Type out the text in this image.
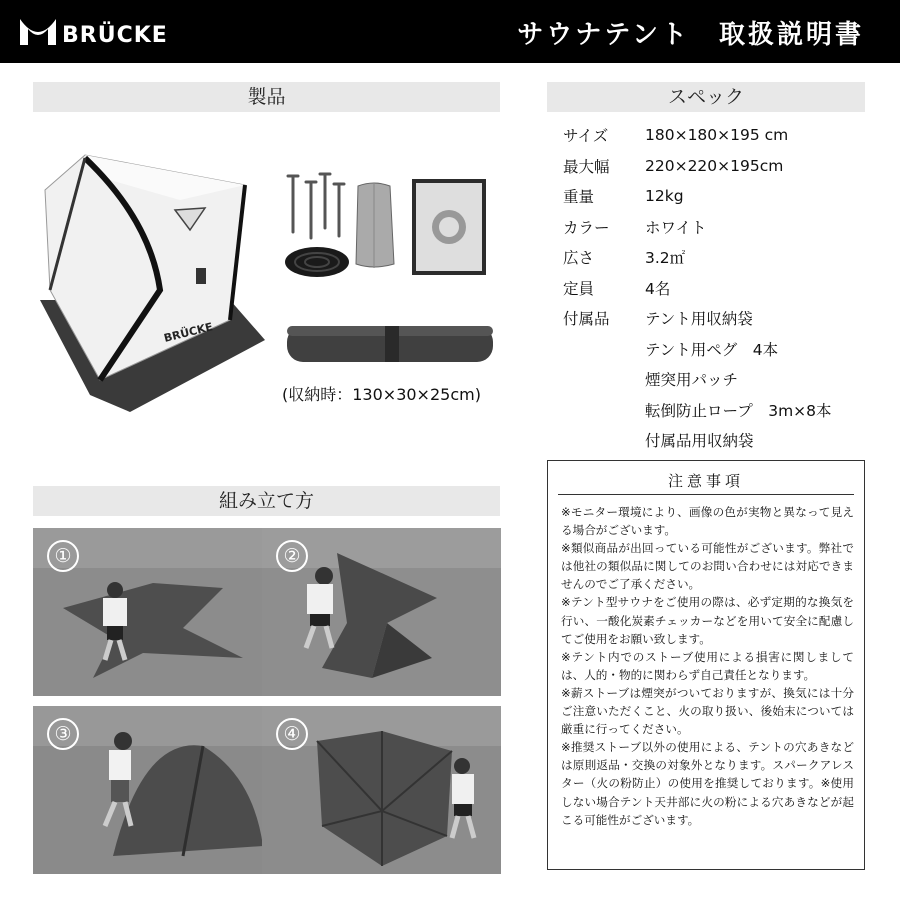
BRÜCKE	サウナテント　取扱説明書
製品	スペック
組み立て方
BRÜCKE
(収納時：130×30×25cm)
サイズ	180×180×195 cm
最大幅	220×220×195cm
重量	12kg
カラー	ホワイト
広さ	3.2㎡
定員	4名
付属品	テント用収納袋
テント用ペグ　4本
煙突用パッチ
転倒防止ロープ　3m×8本
付属品用収納袋
注意事項
※モニター環境により、画像の色が実物と異なって見える場合がございます。
※類似商品が出回っている可能性がございます。弊社では他社の類似品に関してのお問い合わせには対応できませんのでご了承ください。
※テント型サウナをご使用の際は、必ず定期的な換気を行い、一酸化炭素チェッカーなどを用いて安全に配慮してご使用をお願い致します。
※テント内でのストーブ使用による損害に関しましては、人的・物的に関わらず自己責任となります。
※薪ストーブは煙突がついておりますが、換気には十分ご注意いただくこと、火の取り扱い、後始末については厳重に行ってください。
※推奨ストーブ以外の使用による、テントの穴あきなどは原則返品・交換の対象外となります。スパークアレスター（火の粉防止）の使用を推奨しております。※使用しない場合テント天井部に火の粉による穴あきなどが起こる可能性がございます。
①	②
③	④
